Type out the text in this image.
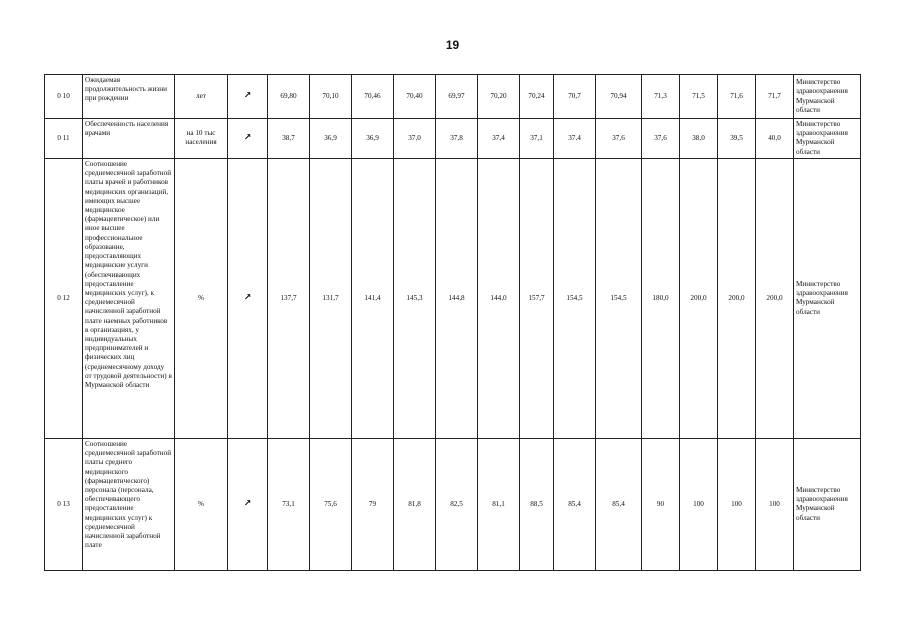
19
0 10	Ожидаемая продолжительность жизни при рождении	лет	↗	69,80	70,10	70,46	70,40	69,97	70,20	70,24	70,7	70,94	71,3	71,5	71,6	71,7	Министерство здравоохранения Мурманской области
0 11	Обеспеченность населения врачами	на 10 тыс населения	↗	38,7	36,9	36,9	37,0	37,8	37,4	37,1	37,4	37,6	37,6	38,0	39,5	40,0	Министерство здравоохранения Мурманской области
0 12	Соотношение среднемесячной заработной платы врачей и работников медицинских организаций, имеющих высшее медицинское (фармацевтическое) или иное высшее профессиональное образование, предоставляющих медицинские услуги (обеспечивающих предоставление медицинских услуг), к среднемесячной начисленной заработной плате наемных работников в организациях, у индивидуальных предпринимателей и физических лиц (среднемесячному доходу от трудовой деятельности) в Мурманской области	%	↗	137,7	131,7	141,4	145,3	144,8	144,0	157,7	154,5	154,5	180,0	200,0	200,0	200,0	Министерство здравоохранения Мурманской области
0 13	Соотношение среднемесячной заработной платы среднего медицинского (фармацевтического) персонала (персонала, обеспечивающего предоставление медицинских услуг) к среднемесячной начисленной заработной плате	%	↗	73,1	75,6	79	81,8	82,5	81,1	88,5	85,4	85,4	90	100	100	100	Министерство здравоохранения Мурманской области
